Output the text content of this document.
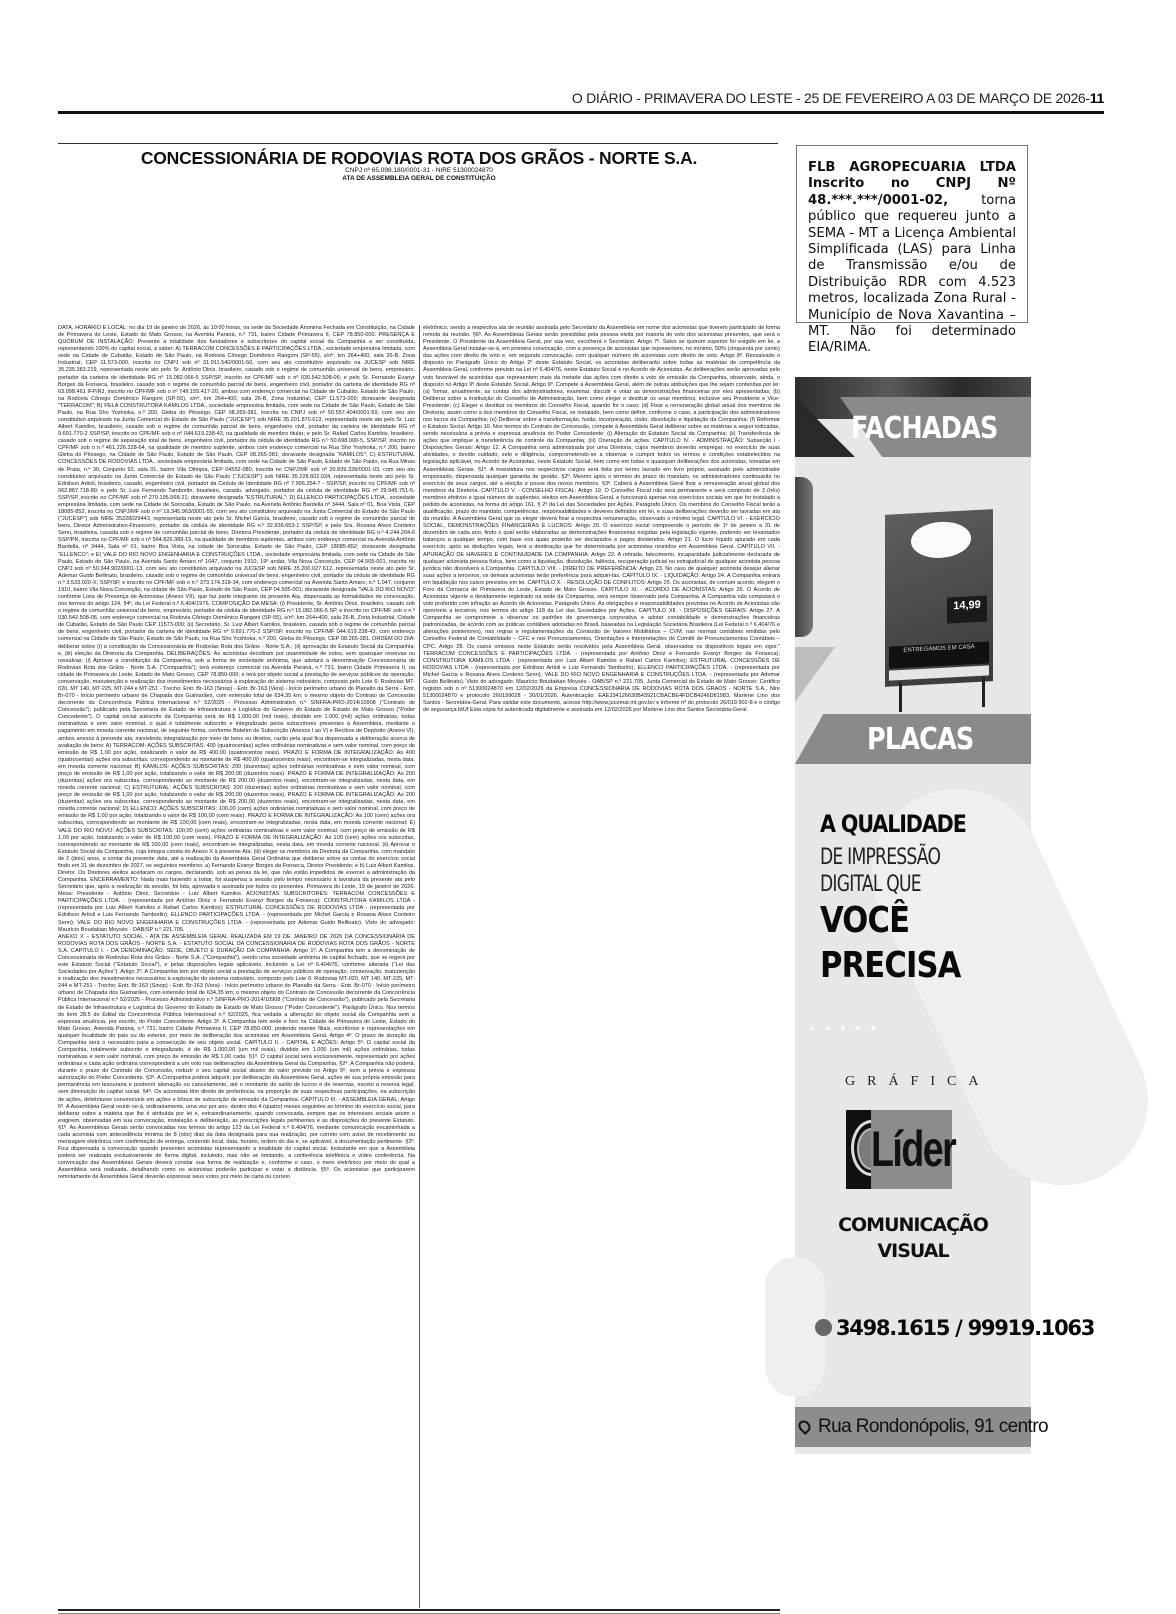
O DIÁRIO - PRIMAVERA DO LESTE - 25 DE FEVEREIRO A 03 DE MARÇO DE 2026-11
CONCESSIONÁRIA DE RODOVIAS ROTA DOS GRÃOS - NORTE S.A.
CNPJ nº 65.098.180/0001-31 - NIRE 51300024870
ATA DE ASSEMBLEIA GERAL DE CONSTITUIÇÃO

DATA, HORÁRIO E LOCAL: no dia 19 de janeiro de 2026, às 10:00 horas, na sede da Sociedade Anonima Fechada em Constituição, na Cidade de Primavera do Leste, Estado do Mato Grosso, na Avenida Paraná, n.º 731, bairro Cidade Primavera II, CEP 78.850-000. PRESENÇA E QUÓRUM DE INSTALAÇÃO: Presente a totalidade dos fundadores e subscritores do capital social da Companhia a ser constituída, representando 100% do capital social, a saber: A) TERRACOM CONCESSÕES E PARTICIPAÇÕES LTDA., sociedade empresária limitada, com sede na Cidade de Cubatão, Estado de São Paulo, na Rodovia Cônego Domênico Rangoni (SP-55), s/nº, km 264+400, sala 26-B, Zona Industrial, CEP 11.573-000, inscrita no CNPJ sob nº 31.911.540/0001-50, com seu ato constitutivo arquivado na JUCESP sob NIRE 35.235.383.219, representada neste ato pelo Sr. Antônio Diniz, brasileiro, casado sob o regime de comunhão universal de bens, empresário, portador da carteira de identidade RG nº 15.082.066-5 SSP/SP, inscrito no CPF/MF sob o nº 030.542.508-06; e pelo Sr. Fernando Evanyr Borges da Fonseca, brasileiro, casado sob o regime de comunhão parcial de bens, engenheiro civil, portador da carteira de identidade RG nº 63.098.461 IFP/RJ, inscrito no CPF/MF sob o nº 749.155.417-20, ambos com endereço comercial na Cidade de Cubatão, Estado de São Paulo, na Rodovia Cônego Domênico Rangoni (SP-55), s/nº, km 264+400, sala 26-B, Zona Industrial, CEP 11.573-000; doravante designada "TERRACOM"; B) PELA CONSTRUTORA KAMILOS LTDA., sociedade empresária limitada, com sede na Cidade de São Paulo, Estado de São Paulo, na Rua Sho Yoshioka, n.º 200, Gleba do Pêssego, CEP 08.265-381, inscrita no CNPJ sob nº 50.557.404/0001-59, com seu ato constitutivo arquivado na Junta Comercial do Estado de São Paulo ("JUCESP") sob NIRE 35.201.870.613, representada neste ato pelo Sr. Luiz Albert Kamilos, brasileiro, casado sob o regime de comunhão parcial de bens, engenheiro civil, portador da carteira de identidade RG nº 9.691.770-2 SSP/SP, inscrito no CPF/MF sob o nº 044.619.238-43, na qualidade de membro titular; e pelo Sr. Rafael Carlos Kamilos, brasileiro, casado sob o regime de separação total de bens, engenheiro civil, portador da cédula de identidade RG n.º 50.698.000-5, SSP/SP, inscrito no CPF/MF sob o n.º 461.226.328-64, na qualidade de membro suplente, ambos com endereço comercial na Rua Sho Yoshioka, n.º 200, bairro Gleba do Pêssego, na Cidade de São Paulo, Estado de São Paulo, CEP 08.265-381; doravante designada "KAMILOS"; C) ESTRUTURAL CONCESSÕES DE RODOVIAS LTDA., sociedade empresária limitada, com sede na Cidade de São Paulo, Estado de São Paulo, na Rua Minas de Prata, n.º 30, Conjunto 92, sala 01, bairro Vila Olímpia, CEP 04552-080, inscrita no CNPJ/MF sob nº 20.839.328/0001-03, com seu ato constitutivo arquivado na Junta Comercial do Estado de São Paulo ("JUCESP") sob NIRE 35.228.602.024, representada neste ato pelo Sr. Ednilson Artioli, brasileiro, casado, engenheiro civil, portador da Cédula de Identidade RG nº 7.996.354-7 - SSP/SP, inscrito no CPF/MF sob nº 062.887.718-80; e pelo Sr. Luis Fernando Tamborlin, brasileiro, casado, advogado, portador da cédula de identidade RG nº 29.945.751-5-SSP/SP, inscrito no CPF/MF sob nº 279.195.568-21; doravante designada "ESTRUTURAL"; D) ELLENCO PARTICIPAÇÕES LTDA., sociedade empresária limitada, com sede na Cidade de Sorocaba, Estado de São Paulo, na Avenida Antônio Bardella nº 3444, Sala nº 01, Boa Vista, CEP 18085-852, inscrita no CNPJ/MF sob o nº 19.345.963/0001-55, com seu ato constitutivo arquivado na Junta Comercial do Estado de São Paulo ("JUCESP") sob NIRE 35228029443, representada neste ato pelo Sr. Michel Garcia, brasileiro, casado sob o regime de comunhão parcial de bens, Diretor Administrativo-Financeiro, portador da cédula de identidade RG n.º 32.936.653-1 SSP/SP, e pela Sra. Rosana Alves Cordeiro Senn, brasileira, casada sob o regime de comunhão parcial de bens, Diretora Presidente, portador da cédula de identidade RG n.º 4.244.204-6 SSP/PR, inscrita no CPF/MF sob o nº 564.826.389-15, na qualidade de membros suplentes, ambos com endereço comercial na Avenida Antônio Bardella, nº 3444, Sala nº 01, bairro Boa Vista, na cidade de Sorocaba, Estado de São Paulo, CEP 18085-852; doravante designada "ELLENCO"; e E) VALE DO RIO NOVO ENGENHARIA E CONSTRUÇÕES LTDA., sociedade empresária limitada, com sede na Cidade de São Paulo, Estado de São Paulo, na Avenida Santo Amaro nº 1047, conjunto 1910, 19º andar, Vila Nova Conceição, CEP 04.505-001, inscrita no CNPJ sob nº 50.344.902/0001-13, com seu ato constitutivo arquivado na JUCESP sob NIRE 35.200.027.612, representada neste ato pelo Sr. Ademar Guido Bellinato, brasileiro, casado sob o regime de comunhão universal de bens, engenheiro civil, portador da cédula de identidade RG n.º 3.533.020-X, SSP/SP, e inscrito no CPF/MF sob o n.º 373.174.318-34, com endereço comercial na Avenida Santo Amaro, n.º 1.047, conjunto 1910, bairro Vila Nova Conceição, na cidade de São Paulo, Estado de São Paulo, CEP 04.505-001; doravante designada "VALE DO RIO NOVO" conforme Lista de Presença de Acionistas (Anexo VII), que faz parte integrante da presente Ata, dispensada as formalidades de convocação, nos termos do artigo 124, §4º, da Lei Federal n.º 6.404/1976. COMPOSIÇÃO DA MESA: (i) Presidente, Sr. Antônio Diniz, brasileiro, casado sob o regime de comunhão universal de bens, empresário, portador da cédula de identidade RG n.º 15.082.066-5 SP, e inscrito no CPF/MF sob o n.º 030.542.508-06, com endereço comercial na Rodovia Cônego Domênico Rangoni (SP-55), s/nº, km 264+400, sala 26-B, Zona Industrial, Cidade de Cubatão, Estado de São Paulo CEP 11573-000; (ii) Secretário, Sr. Luiz Albert Kamilos, brasileiro, casado sob o regime de comunhão parcial de bens, engenheiro civil, portador da carteira de identidade RG nº 9.691.770-2 SSP/SP, inscrito no CPF/MF 044.619.238-43, com endereço comercial na Cidade de São Paulo, Estado de São Paulo, na Rua Sho Yoshioka, n.º 200, Gleba do Pêssego, CEP 08.265-381. ORDEM DO DIA: deliberar sobre (i) a constituição da Concessionária de Rodovias Rota dos Grãos - Norte S.A.; (ii) aprovação do Estatuto Social da Companhia; e, (iii) eleição da Diretoria da Companhia. DELIBERAÇÕES: As acionistas decidiram por unanimidade de votos, sem quaisquer reservas ou ressalvas: (i) Aprovar a constituição da Companhia, sob a forma de sociedade anônima, que adotará a denominação Concessionária de Rodovias Rota dos Grãos - Norte S.A. ("Companhia"); terá endereço comercial na Avenida Paraná, n.º 731, bairro Cidade Primavera II, na cidade de Primavera do Leste, Estado de Mato Grosso, CEP 78.850-000; e terá por objeto social a prestação de serviços públicos de operação, conservação, manutenção e realização dos investimentos necessários à exploração do sistema rodoviário, composto pelo Lote 6: Rodovias MT-020, MT 140, MT-225, MT-244 e MT-251 - Trecho: Entr. Br-163 (Sinop) - Entr. Br-163 (Vera) - Início perímetro urbano do Planalto da Serra - Entr. Br-070 - Início perímetro urbano de Chapada dos Guimarães, com extensão total de 634,35 km; o mesmo objeto do Contrato de Concessão decorrente da Concorrência Pública Internacional n.º 52/2025 - Processo Administrativo n.º SINFRA-PRO-2014/10908 ("Contrato de Concessão"), publicado pela Secretaria de Estado de Infraestrutura e Logística do Governo do Estado de Estado de Mato Grosso ("Poder Concedente"). O capital social subscrito da Companhia será de R$ 1.000,00 (mil reais), dividido em 1.000 (mil) ações ordinárias, todas nominativas e sem valor nominal, o qual é totalmente subscrito e integralizado pelos subscritores presentes à Assembleia, mediante o pagamento em moeda corrente nacional, de seguinte forma, conforme Boletim de Subscrição (Anexos I ao V) e Recibos de Depósito (Anexo VI), ambos anexos à presente ata, inexistindo integralização por meio de bens ou direitos, razão pela qual fica dispensada a deliberação acerca de avaliação de bens: A) TERRACOM: AÇÕES SUBSCRITAS: 400 (quatrocentas) ações ordinárias nominativas e sem valor nominal, com preço de emissão de R$ 1,00 por ação, totalizando o valor de R$ 400,00 (quatrocentos reais). PRAZO E FORMA DE INTEGRALIZAÇÃO: As 400 (quatrocentas) ações ora subscritas, correspondendo ao montante de R$ 400,00 (quatrocentos reais), encontram-se integralizadas, nesta data, em moeda corrente nacional; B) KAMILOS: AÇÕES SUBSCRITAS: 200 (duzentas) ações ordinárias nominativas e sem valor nominal, com preço de emissão de R$ 1,00 por ação, totalizando o valor de R$ 200,00 (duzentos reais). PRAZO E FORMA DE INTEGRALIZAÇÃO: As 200 (duzentas) ações ora subscritas, correspondendo ao montante de R$ 200,00 (duzentos reais), encontram-se integralizadas, nesta data, em moeda corrente nacional; C) ESTRUTURAL: AÇÕES SUBSCRITAS: 200 (duzentas) ações ordinárias nominativas e sem valor nominal, com preço de emissão de R$ 1,00 por ação, totalizando o valor de R$ 200,00 (duzentos reais). PRAZO E FORMA DE INTEGRALIZAÇÃO: As 200 (duzentas) ações ora subscritas, correspondendo ao montante de R$ 200,00 (duzentos reais), encontram-se integralizadas, nesta data, em moeda corrente nacional; D) ELLENCO: AÇÕES SUBSCRITAS: 100,00 (cem) ações ordinárias nominativas e sem valor nominal, com preço de emissão de R$ 1,00 por ação, totalizando o valor de R$ 100,00 (cem reais). PRAZO E FORMA DE INTEGRALIZAÇÃO: As 100 (cem) ações ora subscritas, correspondendo ao montante de R$ 100,00 (cem reais), encontram-se integralizadas, nesta data, em moeda corrente nacional; E) VALE DO RIO NOVO: AÇÕES SUBSCRITAS: 100,00 (cem) ações ordinárias nominativas e sem valor nominal, com preço de emissão de R$ 1,00 por ação, totalizando o valor de R$ 100,00 (cem reais). PRAZO E FORMA DE INTEGRALIZAÇÃO: As 100 (cem) ações ora subscritas, correspondendo ao montante de R$ 100,00 (cem reais), encontram-se integralizadas, nesta data, em moeda corrente nacional. (ii) Aprovar o Estatuto Social da Companhia, cuja íntegra consta do Anexo X à presente Ata; (iii) eleger os membros da Diretoria da Companhia, com mandato de 2 (dois) anos, a contar da presente data, até a realização da Assembleia Geral Ordinária que deliberar sobre as contas do exercício social findo em 31 de dezembro de 2027, os seguintes membros: a) Fernando Evanyr Borges da Fonseca, Diretor Presidente; e b) Luiz Albert Kamilos, Diretor. Os Diretores eleitos aceitaram os cargos, declarando, sob as penas da lei, que não estão impedidos de exercer a administração da Companhia. ENCERRAMENTO: Nada mais havendo a tratar, foi suspensa a sessão pelo tempo necessário à lavratura da presente ata pelo Secretário que, após a realização da sessão, foi lida, aprovada e assinada por todos os presentes. Primavera do Leste, 19 de janeiro de 2026. Mesa: Presidente - Antônio Diniz, Secretário - Luiz Albert Kamilos. ACIONISTAS SUBSCRITORES: TERRACOM CONCESSÕES E PARTICIPAÇÕES LTDA. - (representada por Antônio Diniz e Fernando Evanyr Borges da Fonseca); CONSTRUTORA KAMILOS LTDA - (representada por Luiz Albert Kamilos e Rafael Carlos Kamilos); ESTRUTURAL CONCESSÕES DE RODOVIAS LTDA - (representada por Ednilson Artioli e Luis Fernando Tamborlin); ELLENCO PARTICIPAÇÕES LTDA. - (representada por Michel Garcia e Rosana Alves Cordeiro Senn); VALE DO RIO NOVO ENGENHARIA E CONSTRUÇÕES LTDA. - (representada por Ademar Guido Bellinato). Visto do advogado: Maurício Boudakian Moysés - OAB/SP n.º 221.705.

ANEXO X – ESTATUTO SOCIAL - ATA DE ASSEMBLEIA GERAL REALIZADA EM 19 DE JANEIRO DE 2026 DA CONCESSIONÁRIA DE RODOVIAS ROTA DOS GRÃOS - NORTE S.A. - ESTATUTO SOCIAL DA CONCESSIONÁRIA DE RODOVIAS ROTA DOS GRÃOS - NORTE S.A. CAPÍTULO I. - DA DENOMINAÇÃO, SEDE, OBJETO E DURAÇÃO DA COMPANHIA: Artigo 1º. A Companhia tem a denominação de Concessionária de Rodovias Rota dos Grãos - Norte S.A. ("Companhia"), sendo uma sociedade anônima de capital fechado, que se regerá por este Estatuto Social ("Estatuto Social"), e pelas disposições legais aplicáveis, incluindo a Lei nº 6.404/76, conforme alterada ("Lei das Sociedades por Ações"). Artigo 2º. A Companhia tem por objeto social a prestação de serviços públicos de operação, conservação, manutenção e realização dos investimentos necessários à exploração do sistema rodoviário, composto pelo Lote 6: Rodovias MT-020, MT 140, MT-225, MT-244 e MT-251 - Trecho: Entr. Br-163 (Sinop) - Entr. Br-163 (Vera) - Início perímetro urbano do Planalto da Serra - Entr. Br-070 - Início perímetro urbano de Chapada dos Guimarães, com extensão total de 634,35 km; o mesmo objeto do Contrato de Concessão decorrente da Concorrência Pública Internacional n.º 52/2025 - Processo Administrativo n.º SINFRA-PRO-2014/10908 ("Contrato de Concessão"), publicado pela Secretaria de Estado de Infraestrutura e Logística do Governo do Estado de Estado de Mato Grosso ("Poder Concedente"). Parágrafo Único. Nos termos do item 28.5 do Edital da Concorrência Pública Internacional n.º 52/2025, fica vedada a alteração do objeto social da Companhia sem a expressa anuência, por escrito, do Poder Concedente. Artigo 3º. A Companhia tem sede e foro na Cidade de Primavera do Leste, Estado do Mato Grosso, Avenida Paraná, n.º 731, bairro Cidade Primavera II, CEP 78.850-000, podendo manter filiais, escritórios e representações em qualquer localidade do país ou do exterior, por meio de deliberação dos acionistas em Assembleia Geral. Artigo 4º. O prazo de duração da Companhia será o necessário para a consecução de seu objeto social. CAPÍTULO II. - CAPITAL E AÇÕES: Artigo 5º. O capital social da Companhia, totalmente subscrito e integralizado, é de R$ 1.000,00 (um mil reais), dividido em 1.000 (um mil) ações ordinárias, todas nominativas e sem valor nominal, com preço de emissão de R$ 1,00 cada. §1º. O capital social será exclusivamente, representado por ações ordinárias e cada ação ordinária corresponderá a um voto nas deliberações da Assembleia Geral da Companhia. §2º. A Companhia não poderá, durante o prazo do Contrato de Concessão, reduzir o seu capital social abaixo do valor previsto no Artigo 5º, sem a prévia e expressa autorização do Poder Concedente. §3º. A Companhia poderá adquirir, por deliberação da Assembleia Geral, ações de sua própria emissão para permanência em tesouraria e posterior alienação ou cancelamento, até o montante do saldo de lucros e de reservas, exceto a reserva legal, sem diminuição do capital social. §4º. Os acionistas têm direito de preferência, na proporção de suas respectivas participações, na subscrição de ações, debêntures conversíveis em ações e bônus de subscrição de emissão da Companhia. CAPÍTULO III. - ASSEMBLEIA GERAL: Artigo 6º. A Assembleia Geral reunir-se-á, ordinariamente, uma vez por ano, dentro dos 4 (quatro) meses seguintes ao término do exercício social, para deliberar sobre a matéria que lhe é atribuída por lei e, extraordinariamente, quando convocada, sempre que os interesses sociais assim o exigirem, observadas em sua convocação, instalação e deliberação, as prescrições legais pertinentes e as disposições do presente Estatuto. §1º. As Assembleias Gerais serão convocadas nos termos do artigo 123 da Lei Federal n.º 6.404/76, mediante comunicação encaminhada a cada acionista com antecedência mínima de 8 (oito) dias da data designada para sua realização, por correio com aviso de recebimento ou mensagem eletrônica com confirmação de entrega, contendo local, data, horário, ordem do dia e, se aplicável, a documentação pertinente. §2º. Fica dispensada a convocação quando presentes acionistas representando a totalidade do capital social. Inobstante em que a Assembleia poderá ser realizada exclusivamente de forma digital, incluindo, mas não se limitando, a conferência telefônica e vídeo conferência. Na convocação das Assembleias Gerais deverá constar sua forma de realização e, conforme o caso, o meio eletrônico por meio do qual a Assembleia será realizada, detalhando como os acionistas poderão participar e votar a distância. §5º. Os acionistas que participarem remotamente da Assembleia Geral deverão expressar seus votos por meio de carta ou correio

eletrônico, sendo a respectiva ata de reunião assinada pelo Secretário da Assembleia em nome dos acionistas que tiverem participado de forma remota da reunião. §6º. As Assembleias Gerais serão presididas pela pessoa eleita por maioria do voto dos acionistas presentes, que será o Presidente. O Presidente da Assembleia Geral, por sua vez, escolherá o Secretário. Artigo 7º. Salvo se quórum superior for exigido em lei, a Assembleia Geral instalar-se-á, em primeira convocação, com a presença de acionistas que representem, no mínimo, 50% (cinquenta por cento) das ações com direito de voto e, em segunda convocação, com qualquer número de acionistas com direito de voto. Artigo 8º. Ressalvado o disposto no Parágrafo Único do Artigo 2º deste Estatuto Social, os acionistas deliberarão sobre todas as matérias de competência da Assembleia Geral, conforme previsto na Lei nº 6.404/76, neste Estatuto Social e no Acordo de Acionistas. As deliberações serão aprovadas pelo voto favorável de acionistas que representem mais da metade das ações com direito a voto de emissão da Companhia, observado, ainda, o disposto no Artigo 9º deste Estatuto Social. Artigo 9º. Compete à Assembleia Geral, além de outras atribuições que lhe sejam conferidas por lei: (a) Tomar, anualmente, as contas dos administradores, examinar, discutir e votar as demonstrações financeiras por eles apresentadas; (b) Deliberar sobre a instituição do Conselho de Administração, bem como eleger e destituir os seus membros, inclusive seu Presidente e Vice-Presidente; (c) Eleger e destituir os membros do Conselho Fiscal, quando for o caso; (d) Fixar a remuneração global anual dos membros da Diretoria, assim como a dos membros do Conselho Fiscal, se instalado, bem como definir, conforme o caso, a participação dos administradores nos lucros da Companhia; (e) Deliberar sobre a transformação, fusão, incorporação, cisão, dissolução e liquidação da Companhia; (f) Reformar o Estatuto Social. Artigo 10. Nos termos do Contrato de Concessão, compete à Assembleia Geral deliberar sobre as matérias a seguir indicadas, sendo necessária a prévia e expressa anuência do Poder Concedente: (i) Alteração do Estatuto Social da Companhia; (ii) Transferência de ações que implique a transferência de controle da Companhia; (iii) Oneração de ações. CAPÍTULO IV. - ADMINISTRAÇÃO: Subseção I - Disposições Gerais: Artigo 12. A Companhia será administrada por uma Diretoria, cujos membros deverão empregar, no exercício de suas atividades, o devido cuidado, zelo e diligência, comprometendo-se a observar e cumprir todos os termos e condições estabelecidos na legislação aplicável, no Acordo de Acionistas, neste Estatuto Social, bem como em todas e quaisquer deliberações dos acionistas, tomadas em Assembleias Gerais. §1º. A investidura nos respectivos cargos será feita por termo lavrado em livro próprio, assinado pelo administrador empossado, dispensada qualquer garantia de gestão. §2º. Mesmo após o término do prazo do mandato, os administradores continuarão no exercício de seus cargos, até a eleição e posse dos novos membros. §3º. Caberá à Assembleia Geral fixar a remuneração anual global dos membros da Diretoria. CAPÍTULO V. - CONSELHO FISCAL: Artigo 19. O Conselho Fiscal não será permanente e será composto de 3 (três) membros efetivos e igual número de suplentes, eleitos em Assembleia Geral, e funcionará apenas nos exercícios sociais em que for instalado a pedido de acionistas, na forma do artigo 161, § 2º da Lei das Sociedades por Ações. Parágrafo Único. Os membros do Conselho Fiscal terão a qualificação, prazo do mandato, competências, responsabilidades e deveres definidos em lei, e suas deliberações deverão ser lavradas em ata da reunião. A Assembleia Geral que os eleger deverá fixar a respectiva remuneração, observado o mínimo legal. CAPÍTULO VI. - EXERCÍCIO SOCIAL, DEMONSTRAÇÕES FINANCEIRAS E LUCROS: Artigo 20. O exercício social compreende o período de 1º de janeiro a 31 de dezembro de cada ano, findo o qual serão elaboradas as demonstrações financeiras exigidas pela legislação vigente, podendo ser levantados balanços a qualquer tempo, com base nos quais poderão ser declarados e pagos dividendos. Artigo 21. O lucro líquido apurado em cada exercício, após as deduções legais, terá a destinação que for determinada por acionistas reunidos em Assembleia Geral. CAPÍTULO VII. - APURAÇÃO DE HAVERES E CONTINUIDADE DA COMPANHIA: Artigo 22. A retirada, falecimento, incapacidade judicialmente declarada de qualquer acionista pessoa física, bem como a liquidação, dissolução, falência, recuperação judicial ou extrajudicial de qualquer acionista pessoa jurídica não dissolverá a Companhia. CAPÍTULO VIII. - DIREITO DE PREFERÊNCIA: Artigo 23. No caso de qualquer acionista desejar alienar suas ações a terceiros, os demais acionistas terão preferência para adquiri-las. CAPÍTULO IX. - LIQUIDAÇÃO: Artigo 24. A Companhia entrará em liquidação nos casos previstos em lei. CAPÍTULO X. - RESOLUÇÃO DE CONFLITOS: Artigo 25. Os acionistas, de comum acordo, elegem o Foro da Comarca de Primavera do Leste, Estado de Mato Grosso. CAPÍTULO XI. - ACORDO DE ACIONISTAS: Artigo 26. O Acordo de Acionistas vigente e devidamente registrado na sede da Companhia, será sempre observado pela Companhia. A Companhia não computará o voto proferido com infração ao Acordo de Acionistas. Parágrafo Único. As obrigações e responsabilidades previstas no Acordo de Acionistas são oponíveis a terceiros, nos termos do artigo 118 da Lei das Sociedades por Ações. CAPÍTULO XII. - DISPOSIÇÕES GERAIS: Artigo 27. A Companhia se compromete a observar os padrões de governança corporativa e adotar contabilidade e demonstrações financeiras padronizadas, de acordo com as práticas contábeis adotadas no Brasil, baseadas na Legislação Societária Brasileira (Lei Federal n.º 6.404/76 e alterações posteriores), nas regras e regulamentações da Comissão de Valores Mobiliários – CVM, nas normas contábeis emitidas pelo Conselho Federal de Contabilidade – CFC e nos Pronunciamentos, Orientações e Interpretações do Comitê de Pronunciamentos Contábeis – CPC. Artigo 28. Os casos omissos neste Estatuto serão resolvidos pela Assembleia Geral, observados os dispositivos legais em vigor." TERRACOM CONCESSÕES E PARTICIPAÇÕES LTDA. - (representada por Antônio Diniz e Fernando Evanyr Borges da Fonseca); CONSTRUTORA KAMILOS LTDA - (representada por Luiz Albert Kamilos e Rafael Carlos Kamilos); ESTRUTURAL CONCESSÕES DE RODOVIAS LTDA - (representada por Ednilson Artioli e Luis Fernando Tamborlin); ELLENCO PARTICIPAÇÕES LTDA. - (representada por Michel Garcia e Rosana Alves Cordeiro Senn); VALE DO RIO NOVO ENGENHARIA E CONSTRUÇÕES LTDA. - (representada por Ademar Guido Bellinato). Visto do advogado: Maurício Boudakian Moysés - OAB/SP n.º 221.705. Junta Comercial do Estado de Mato Grosso: Certifico registro sob o nº 51300024870 em 12/02/2026 da Empresa CONCESSIONARIA DE RODOVIAS ROTA DOS GRAOS - NORTE S.A., Nire 51300024870 e protocolo 260199028 - 30/01/2026. Autenticação: EAE334126630B43921CBACBE4FDCB4246D81983. Marlene Lino dos Santos - Secretária-Geral. Para validar este documento, acesse http://www.jucemat.mt.gov.br/ e informe nº do protocolo 26/019.902-8 e o código de segurança btUf Esta cópia foi autenticada digitalmente e assinada em 12/02/2026 por Marlene Lino dos Santos Secretária-Geral.

FLB AGROPECUARIA LTDA Inscrito no CNPJ Nº 48.***.***/0001-02, torna público que requereu junto a SEMA - MT a Licença Ambiental Simplificada (LAS) para Linha de Transmissão e/ou de Distribuição RDR com 4.523 metros, localizada Zona Rural - Município de Nova Xavantina – MT. Não foi determinado EIA/RIMA.
FACHADAS
14,99
ENTREGAMOS EM CASA
PLACAS
A QUALIDADE
DE IMPRESSÃO
DIGITAL QUE
VOCÊ
PRECISA
★★★★★
GRÁFICA
Líder
COMUNICAÇÃO
VISUAL
3498.1615 / 99919.1063
Rua Rondonópolis, 91 centro
